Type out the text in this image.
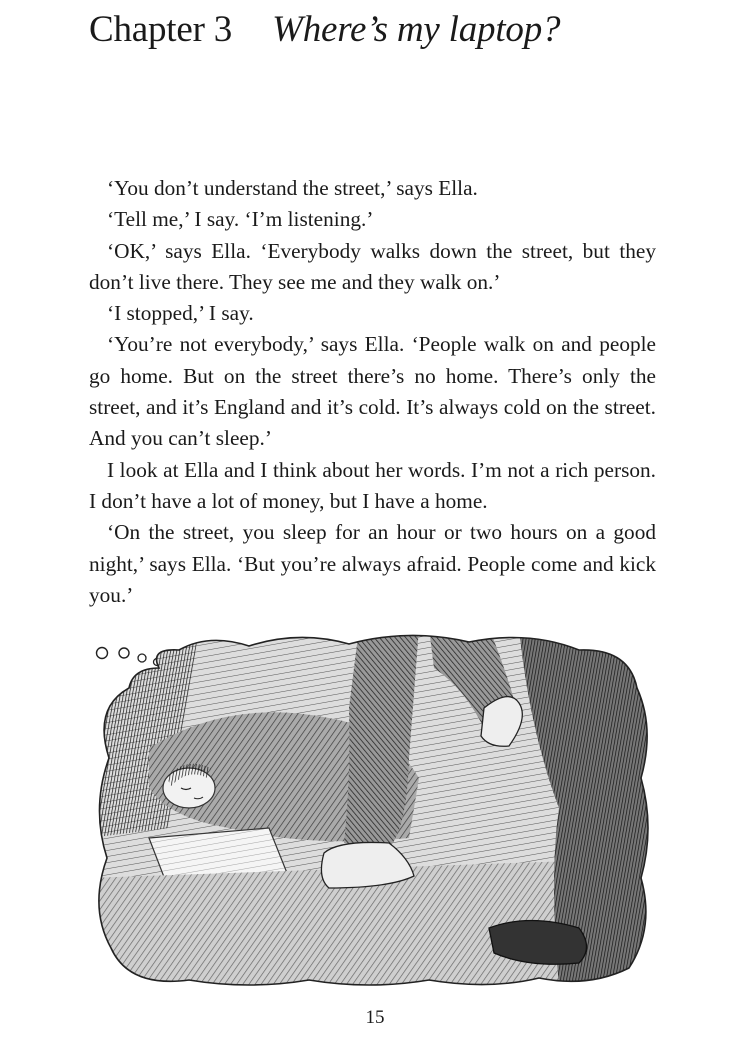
Chapter 3 Where’s my laptop?

‘You don’t understand the street,’ says Ella.

‘Tell me,’ I say. ‘I’m listening.’

‘OK,’ says Ella. ‘Everybody walks down the street, but they don’t live there. They see me and they walk on.’

‘I stopped,’ I say.

‘You’re not everybody,’ says Ella. ‘People walk on and people go home. But on the street there’s no home. There’s only the street, and it’s England and it’s cold. It’s always cold on the street. And you can’t sleep.’

I look at Ella and I think about her words. I’m not a rich person. I don’t have a lot of money, but I have a home.

‘On the street, you sleep for an hour or two hours on a good night,’ says Ella. ‘But you’re always afraid. People come and kick you.’

15
